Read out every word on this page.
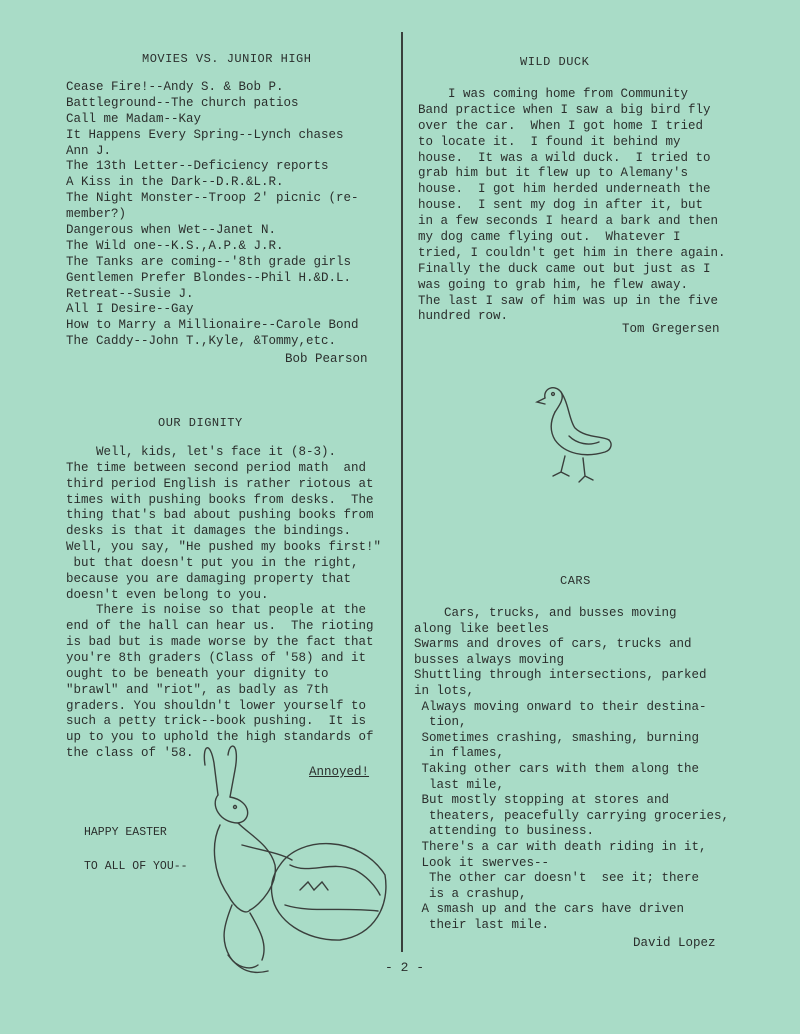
MOVIES VS. JUNIOR HIGH
Cease Fire!--Andy S. & Bob P.
Battleground--The church patios
Call me Madam--Kay
It Happens Every Spring--Lynch chases
Ann J.
The 13th Letter--Deficiency reports
A Kiss in the Dark--D.R.&L.R.
The Night Monster--Troop 2' picnic (re-
member?)
Dangerous when Wet--Janet N.
The Wild one--K.S.,A.P.& J.R.
The Tanks are coming--'8th grade girls
Gentlemen Prefer Blondes--Phil H.&D.L.
Retreat--Susie J.
All I Desire--Gay
How to Marry a Millionaire--Carole Bond
The Caddy--John T.,Kyle, &Tommy,etc.
Bob Pearson
OUR DIGNITY
Well, kids, let's face it (8-3).
The time between second period math  and
third period English is rather riotous at
times with pushing books from desks.  The
thing that's bad about pushing books from
desks is that it damages the bindings.
Well, you say, "He pushed my books first!"
but that doesn't put you in the right,
because you are damaging property that
doesn't even belong to you.
There is noise so that people at the
end of the hall can hear us.  The rioting
is bad but is made worse by the fact that
you're 8th graders (Class of '58) and it
ought to be beneath your dignity to
"brawl" and "riot", as badly as 7th
graders. You shouldn't lower yourself to
such a petty trick--book pushing.  It is
up to you to uphold the high standards of
the class of '58.
Annoyed!
HAPPY EASTER
TO ALL OF YOU--
WILD DUCK
I was coming home from Community
Band practice when I saw a big bird fly
over the car.  When I got home I tried
to locate it.  I found it behind my
house.  It was a wild duck.  I tried to
grab him but it flew up to Alemany's
house.  I got him herded underneath the
house.  I sent my dog in after it, but
in a few seconds I heard a bark and then
my dog came flying out.  Whatever I
tried, I couldn't get him in there again.
Finally the duck came out but just as I
was going to grab him, he flew away.
The last I saw of him was up in the five
hundred row.
Tom Gregersen
CARS
Cars, trucks, and busses moving
along like beetles
Swarms and droves of cars, trucks and
busses always moving
Shuttling through intersections, parked
in lots,
Always moving onward to their destina-
tion,
Sometimes crashing, smashing, burning
in flames,
Taking other cars with them along the
last mile,
But mostly stopping at stores and
theaters, peacefully carrying groceries,
attending to business.
There's a car with death riding in it,
Look it swerves--
The other car doesn't  see it; there
is a crashup,
A smash up and the cars have driven
their last mile.
David Lopez
- 2 -
